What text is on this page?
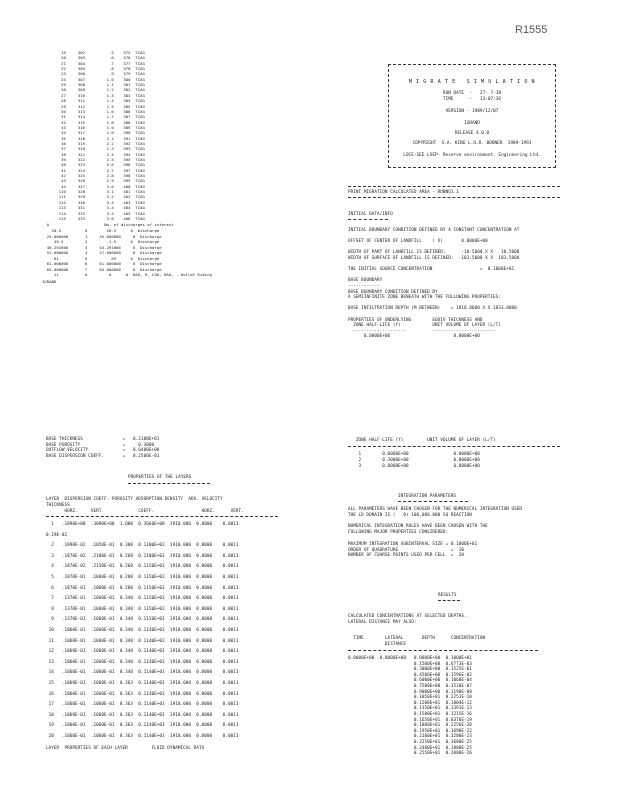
R1555
19     302          .5    375  TIAG
20     303          .6    376  TIAG
21     304          .7    377  TIAG
22     305          .8    378  TIAG
23     306          .9    379  TIAG
24     307         1.0    380  TIAG
25     308         1.1    381  TIAG
26     309         1.2    382  TIAG
27     310         1.3    383  TIAG
28     311         1.4    384  TIAG
29     312         1.5    385  TIAG
30     313         1.6    386  TIAG
31     314         1.7    387  TIAG
32     315         1.8    388  TIAG
33     316         1.9    389  TIAG
34     317         2.0    390  TIAG
35     318         2.1    391  TIAG
36     319         2.2    392  TIAG
37     320         2.3    393  TIAG
38     321         2.4    394  TIAG
39     322         2.5    395  TIAG
40     323         2.6    396  TIAG
41     324         2.7    397  TIAG
42     325         2.8    398  TIAG
43     326         2.9    399  TIAG
44     327         3.0    400  TIAG
110     328         3.1    401  TIAG
111     329         3.2    402  TIAG
112     330         3.3    403  TIAG
113     331         3.4    404  TIAG
114     332         3.5    405  TIAG
115     333         3.6    406  TIAG
A                       No. of discharges of interest
20.5          0        20.5      0  Discharge
25.000000       1     45.000000     0  Discharge
49.5         2        -1.5      0  Discharge
48.291666       3     53.291666     0  Discharge
51.000000       4     57.000000     0  Discharge
61           5          63      0  Discharge
61.000000       6     61.000000     0  Discharge
65.000000       7     65.000000     0  Discharge
11           0         0      0  RAU, R, CAU, RAU, . Outlet Riding
IGRAND
M I G R A T E   S I M U L A T I O N
RUN DATE  -   27- 7-18
TIME      -   13:07:36
VERSION - 1989/12/07
IGRAND
RELEASE 4.0.0
COPYRIGHT  S.A. KING L.O.R. BODNER  1989-1993
LOCE-SEE LSEP- Reserve environment, Engineering Ltd.
PRINT MIGRATION CALCULATED AREA - RUNNO1.1
INITIAL DATA/INFO
INITIAL BOUNDARY CONDITION DEFINED BY A CONSTANT CONCENTRATION AT
OFFSET OF CENTER OF LANDFILL    ( X)       0.0000E+00
WIDTH OF PART OF LANDFILL IS DEFINED:      -10.5000 X X   10.5000
WIDTH OF SURFACE OF LANDFILL IS DEFINED:  -103.5000 X X  103.5000
THE INITIAL SOURCE CONCENTRATION                  =  0.1000E+01
BASE BOUNDARY
------------
BASE BOUNDARY CONDITION DEFINED BY
A SEMIINFINITE ZONE BENEATH WITH THE FOLLOWING PROPERTIES:
BASE INFILTRATION DEPTH (M BETWEEN)    = 1818.0000 X X 1833.0000
PROPERTIES OF UNDERLYING        EQUIV THICKNESS AND
ZONE HALF-LIFE (Y)            UNIT VOLUME OF LAYER (L/T)
--------------------          ------------------------
0.0000E+00                        0.0000E+00
BASE THICKNESS               =   0.2100E+01
BASE POROSITY                =     0.3000
OUTFLOW VELOCITY             =   0.6400E+00
BASE DISPERSION COEFF.       =   0.2500E-01
PROPERTIES OF THE LAYERS
LAYER  DISPERSION COEFF. POROSITY ADSORPTION DENSITY  ADV. VELOCITY
THICKNESS
HORZ.     VERT.             COEFF.                  HORZ.      VERT.
1   .1890E+00  .3090E+00  1.000  0.3660E+00  1910.000  0.0000    0.0011
0.19E-02
2   .1890E-02  .1050E-01  0.300  0.1100E+03  1910.000  0.0000    0.0011
3   .1870E-02  .2180E-01  0.260  0.1100E+03  1910.000  0.0000    0.0011
4   .1870E-02  .2150E-01  0.260  0.1150E+03  1910.000  0.0000    0.0011
5   .1870E-01  .1060E-01  0.280  0.1150E+03  1910.000  0.0000    0.0011
6   .1870E-01  .1060E-01  0.280  0.1150E+03  1910.000  0.0000    0.0011
7   .1370E-01  .1060E-01  0.340  0.1150E+03  1910.000  0.0000    0.0011
8   .1370E-01  .1060E-01  0.340  0.1150E+03  1910.000  0.0000    0.0011
9   .1370E-01  .1060E-01  0.340  0.1150E+03  1910.000  0.0000    0.0011
10   .1060E-01  .1060E-01  0.340  0.1140E+03  1910.000  0.0000    0.0011
11   .1060E-01  .1060E-01  0.340  0.1140E+03  1910.000  0.0000    0.0011
12   .1060E-01  .1060E-01  0.340  0.1140E+03  1910.000  0.0000    0.0011
13   .1060E-01  .1060E-01  0.340  0.1140E+03  1910.000  0.0000    0.0011
14   .1060E-01  .1060E-01  0.340  0.1140E+03  1910.000  0.0000    0.0011
15   .1060E-01  .1060E-01  0.363  0.1140E+03  1910.000  0.0000    0.0011
16   .1060E-01  .1060E-01  0.363  0.1140E+03  1910.000  0.0000    0.0011
17   .1060E-01  .1060E-01  0.363  0.1140E+03  1910.000  0.0000    0.0011
18   .1060E-01  .1060E-01  0.363  0.1140E+03  1910.000  0.0000    0.0011
19   .1060E-01  .1060E-01  0.363  0.1140E+03  1910.000  0.0000    0.0011
20   .1060E-01  .1060E-01  0.363  0.1140E+03  1910.000  0.0000    0.0011
LAYER  PROPERTIES OF EACH LAYER         FLUID DYNAMICAL DATA
ZONE HALF-LIFE (Y)         UNIT VOLUME OF LAYER (L/T)
1        0.0000E+00                 0.0000E+00
2        0.3000E+00                 0.0000E+00
3        0.0000E+00                 0.0000E+00
INTEGRATION PARAMETERS
ALL PARAMETERS HAVE BEEN CHOSEN FOR THE NUMERICAL INTEGRATION USED
THE LD DOMAIN IS (   0) 100,000.000 SQ REACTION
NUMERICAL INTEGRATION RULES HAVE BEEN CHOSEN WITH THE
FOLLOWING MAJOR PROPERTIES CONSIDERED:
MAXIMUM INTEGRATION SUBINTERVAL SIZE = 0.1000E+01
ORDER OF QUADRATURE                    =  10
NUMBER OF COARSE POINTS USED PER CELL  =  20
RESULTS
CALCULATED CONCENTRATIONS AT SELECTED DEPTHS.
LATERAL DISTANCE MAY ALSO:
TIME        LATERAL       DEPTH      CONCENTRATION
DISTANCE
0.0000E+00  0.0000E+00   0.0000E+00  0.1000E+01
0.1500E+00  0.6773E-03
0.3000E+00  0.1525E-01
0.4500E+00  0.1596E-02
0.6000E+00  0.1060E-04
0.7500E+00  0.1510E-07
0.9000E+00  0.1190E-08
0.1050E+01  0.2251E-10
0.1200E+01  0.1804E-12
0.1350E+01  0.1391E-13
0.1500E+01  0.1215E-16
0.1650E+01  0.8376E-19
0.1800E+01  0.2256E-20
0.1950E+01  0.1690E-22
0.2100E+01  0.3200E-23
0.2250E+01  0.3600E-25
0.2400E+01  0.1800E-25
0.2550E+01  0.2000E-26
